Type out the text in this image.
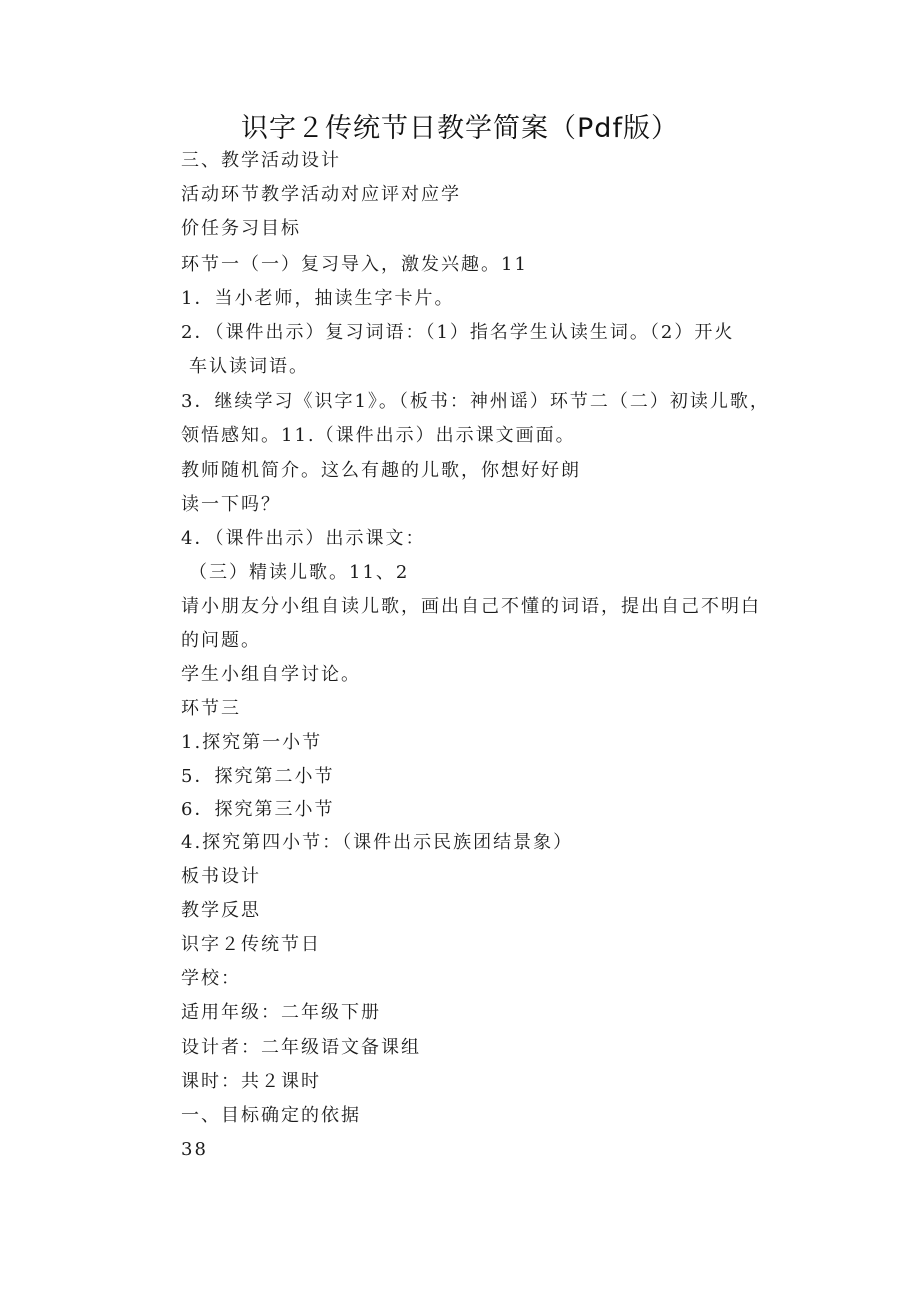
识字２传统节日教学简案（Pdf版）
三、教学活动设计
活动环节教学活动对应评对应学
价任务习目标
环节一（一）复习导入，激发兴趣。11
1．当小老师，抽读生字卡片。
2．（课件出示）复习词语：（1）指名学生认读生词。（2）开火
车认读词语。
3．继续学习《识字1》。（板书：神州谣）环节二（二）初读儿歌，
领悟感知。11.（课件出示）出示课文画面。
教师随机简介。这么有趣的儿歌，你想好好朗
读一下吗？
4．（课件出示）出示课文：
（三）精读儿歌。11、2
请小朋友分小组自读儿歌，画出自己不懂的词语，提出自己不明白
的问题。
学生小组自学讨论。
环节三
1.探究第一小节
5．探究第二小节
6．探究第三小节
4.探究第四小节：（课件出示民族团结景象）
板书设计
教学反思
识字２传统节日
学校：
适用年级：二年级下册
设计者：二年级语文备课组
课时：共２课时
一、目标确定的依据
38
